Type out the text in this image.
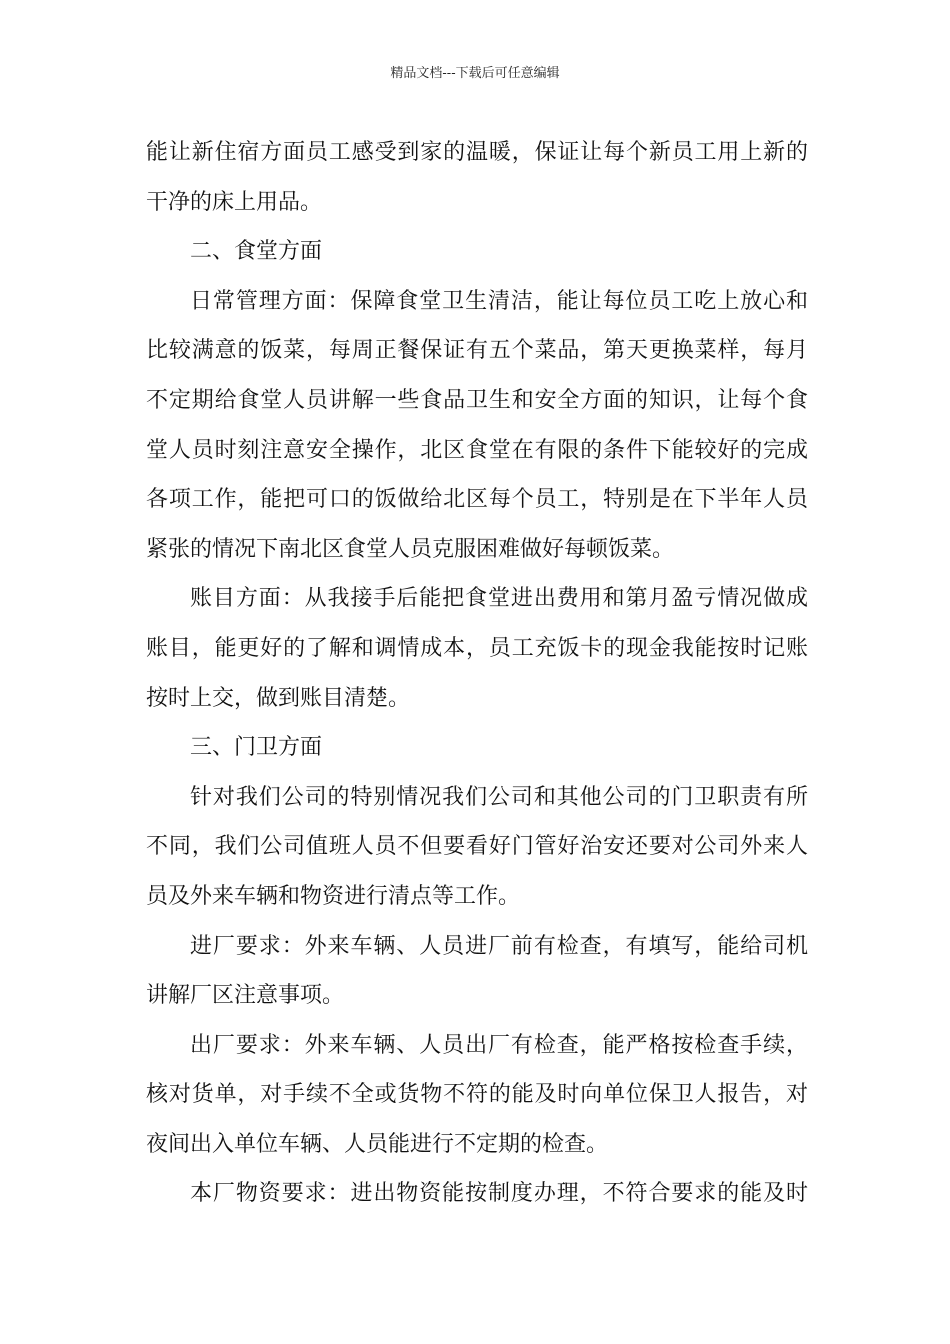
精品文档---下载后可任意编辑
能让新住宿方面员工感受到家的温暖，保证让每个新员工用上新的
干净的床上用品。
二、食堂方面
日常管理方面：保障食堂卫生清洁，能让每位员工吃上放心和
比较满意的饭菜，每周正餐保证有五个菜品，第天更换菜样，每月
不定期给食堂人员讲解一些食品卫生和安全方面的知识，让每个食
堂人员时刻注意安全操作，北区食堂在有限的条件下能较好的完成
各项工作，能把可口的饭做给北区每个员工，特别是在下半年人员
紧张的情况下南北区食堂人员克服困难做好每顿饭菜。
账目方面：从我接手后能把食堂进出费用和第月盈亏情况做成
账目，能更好的了解和调情成本，员工充饭卡的现金我能按时记账
按时上交，做到账目清楚。
三、门卫方面
针对我们公司的特别情况我们公司和其他公司的门卫职责有所
不同，我们公司值班人员不但要看好门管好治安还要对公司外来人
员及外来车辆和物资进行清点等工作。
进厂要求：外来车辆、人员进厂前有检查，有填写，能给司机
讲解厂区注意事项。
出厂要求：外来车辆、人员出厂有检查，能严格按检查手续，
核对货单，对手续不全或货物不符的能及时向单位保卫人报告，对
夜间出入单位车辆、人员能进行不定期的检查。
本厂物资要求：进出物资能按制度办理，不符合要求的能及时
